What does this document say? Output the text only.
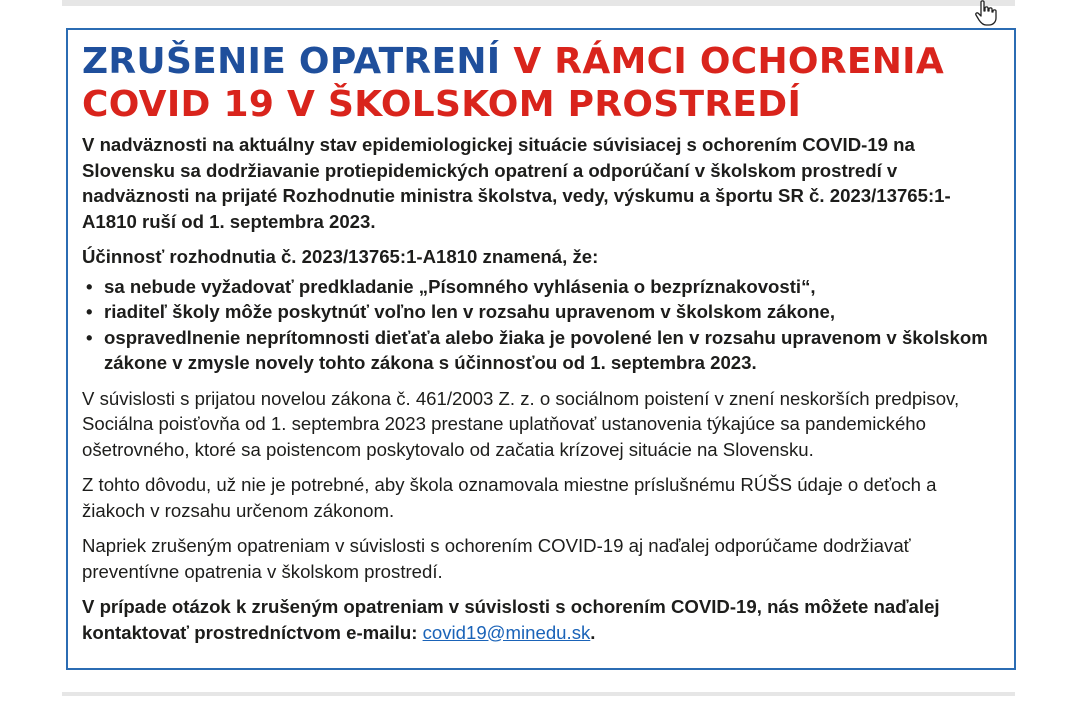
ZRUŠENIE OPATRENÍ V RÁMCI OCHORENIA
COVID 19 V ŠKOLSKOM PROSTREDÍ

V nadväznosti na aktuálny stav epidemiologickej situácie súvisiacej s ochorením COVID-19 na Slovensku sa dodržiavanie protiepidemických opatrení a odporúčaní v školskom prostredí v nadväznosti na prijaté Rozhodnutie ministra školstva, vedy, výskumu a športu SR č. 2023/13765:1-A1810 ruší od 1. septembra 2023.

Účinnosť rozhodnutia č. 2023/13765:1-A1810 znamená, že:

• sa nebude vyžadovať predkladanie „Písomného vyhlásenia o bezpríznakovosti“,
• riaditeľ školy môže poskytnúť voľno len v rozsahu upravenom v školskom zákone,
• ospravedlnenie neprítomnosti dieťaťa alebo žiaka je povolené len v rozsahu upravenom v školskom zákone v zmysle novely tohto zákona s účinnosťou od 1. septembra 2023.

V súvislosti s prijatou novelou zákona č. 461/2003 Z. z. o sociálnom poistení v znení neskorších predpisov, Sociálna poisťovňa od 1. septembra 2023 prestane uplatňovať ustanovenia týkajúce sa pandemického ošetrovného, ktoré sa poistencom poskytovalo od začatia krízovej situácie na Slovensku.

Z tohto dôvodu, už nie je potrebné, aby škola oznamovala miestne príslušnému RÚŠS údaje o deťoch a žiakoch v rozsahu určenom zákonom.

Napriek zrušeným opatreniam v súvislosti s ochorením COVID-19 aj naďalej odporúčame dodržiavať preventívne opatrenia v školskom prostredí.

V prípade otázok k zrušeným opatreniam v súvislosti s ochorením COVID-19, nás môžete naďalej kontaktovať prostredníctvom e-mailu: covid19@minedu.sk.
